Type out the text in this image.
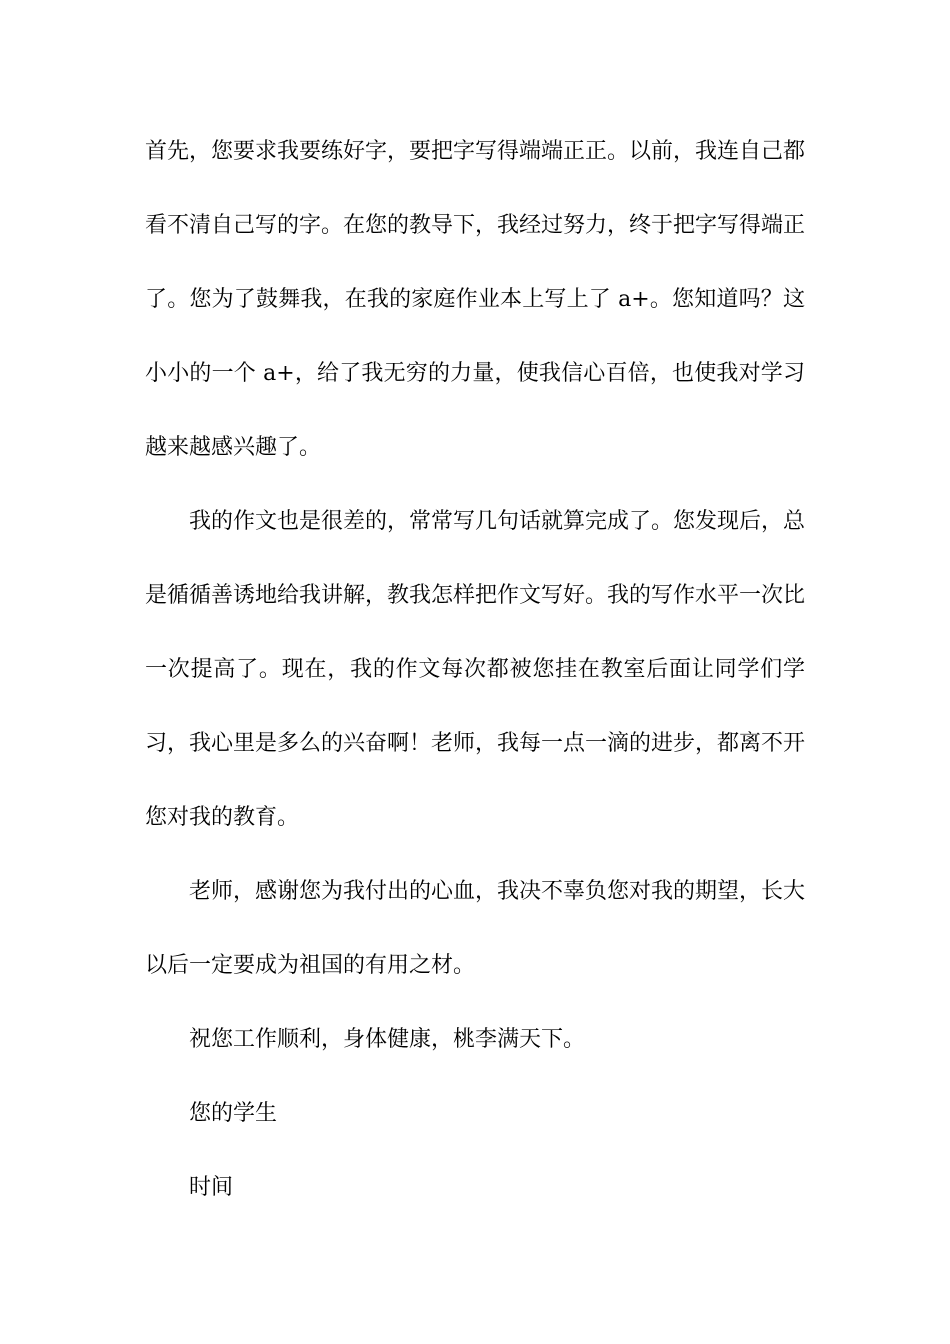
首先，您要求我要练好字，要把字写得端端正正。以前，我连自己都看不清自己写的字。在您的教导下，我经过努力，终于把字写得端正了。您为了鼓舞我，在我的家庭作业本上写上了 a+。您知道吗？这小小的一个 a+，给了我无穷的力量，使我信心百倍，也使我对学习越来越感兴趣了。

我的作文也是很差的，常常写几句话就算完成了。您发现后，总是循循善诱地给我讲解，教我怎样把作文写好。我的写作水平一次比一次提高了。现在，我的作文每次都被您挂在教室后面让同学们学习，我心里是多么的兴奋啊！老师，我每一点一滴的进步，都离不开您对我的教育。

老师，感谢您为我付出的心血，我决不辜负您对我的期望，长大以后一定要成为祖国的有用之材。

祝您工作顺利，身体健康，桃李满天下。

您的学生

时间
